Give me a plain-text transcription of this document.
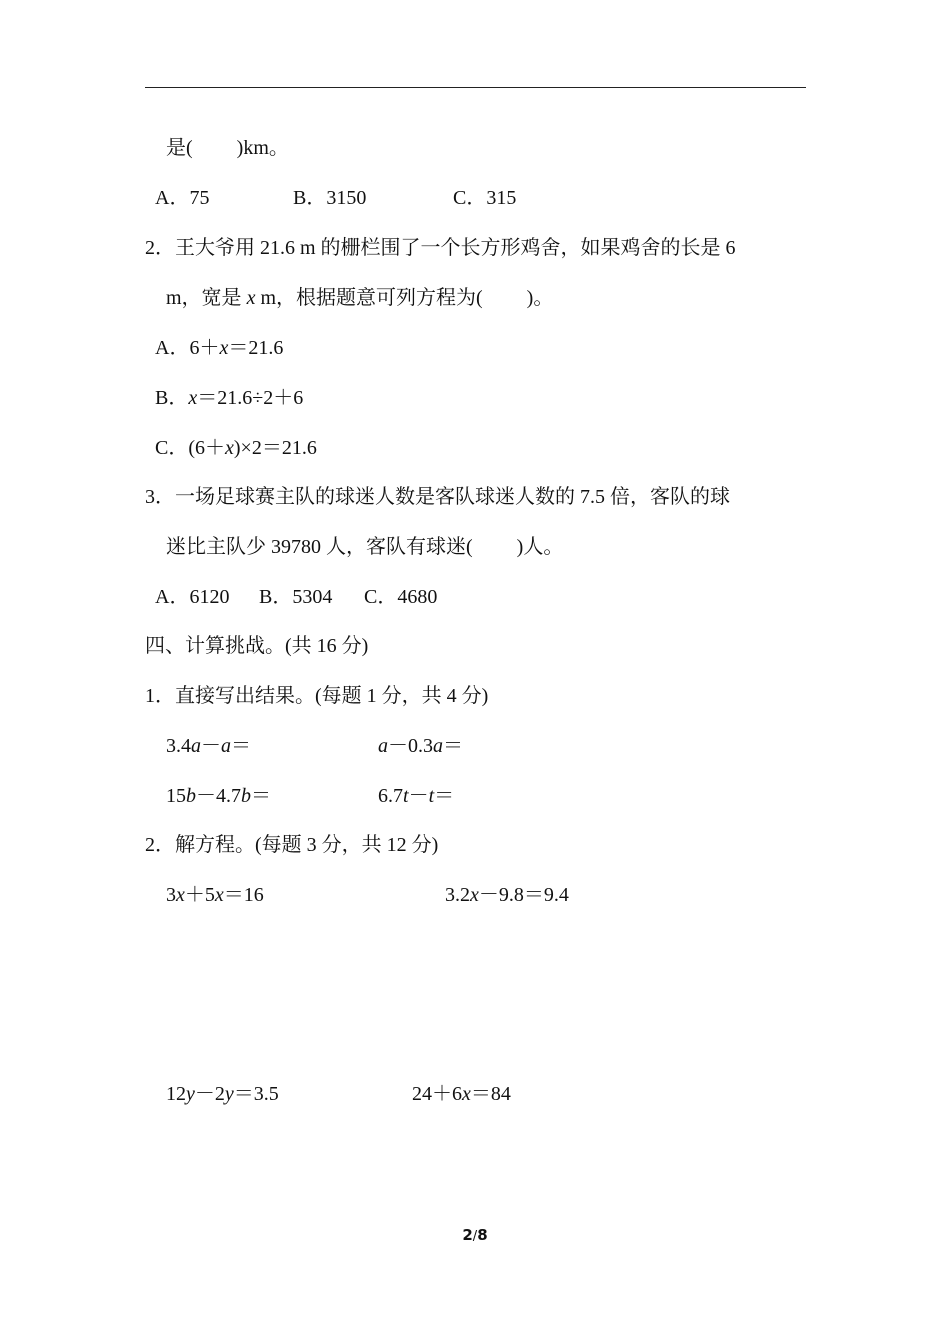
是( )km。
A．75	B．3150	C．315
2．王大爷用 21.6 m 的栅栏围了一个长方形鸡舍，如果鸡舍的长是 6
m，宽是 x m，根据题意可列方程为( )。
A．6＋x＝21.6
B．x＝21.6÷2＋6
C．(6＋x)×2＝21.6
3．一场足球赛主队的球迷人数是客队球迷人数的 7.5 倍，客队的球
迷比主队少 39780 人，客队有球迷( )人。
A．6120 B．5304 C．4680
四、计算挑战。(共 16 分)
1．直接写出结果。(每题 1 分，共 4 分)
3.4a－a＝	a－0.3a＝
15b－4.7b＝	6.7t－t＝
2．解方程。(每题 3 分，共 12 分)
3x＋5x＝16	3.2x－9.8＝9.4
12y－2y＝3.5	24＋6x＝84
2/8
